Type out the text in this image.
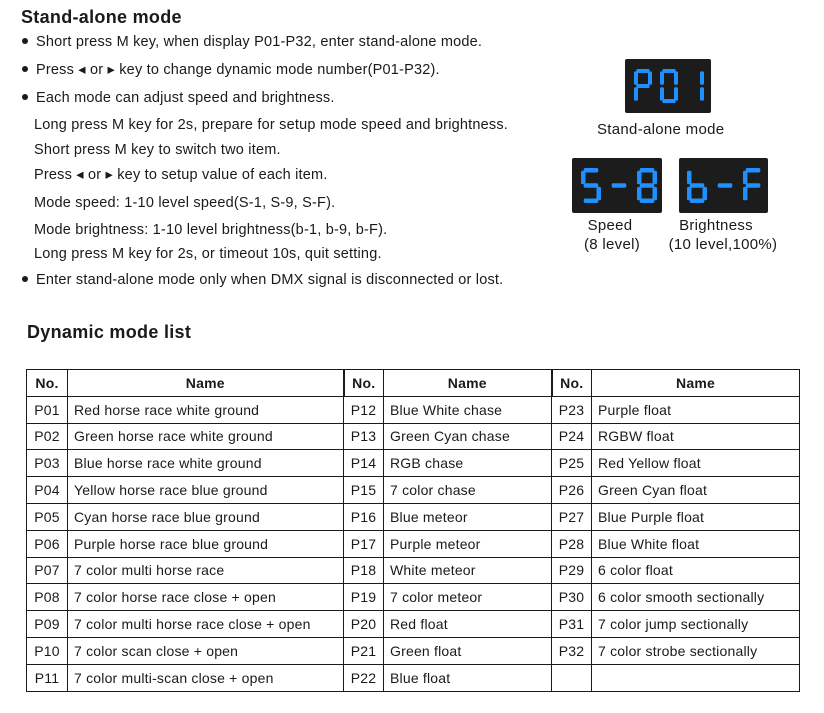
Stand-alone mode
Short press M key, when display P01-P32, enter stand-alone mode.
Press ◂ or ▸ key to change dynamic mode number(P01-P32).
Each mode can adjust speed and brightness.
Long press M key for 2s, prepare for setup mode speed and brightness.
Short press M key to switch two item.
Press ◂ or ▸ key to setup value of each item.
Mode speed: 1-10 level speed(S-1, S-9, S-F).
Mode brightness: 1-10 level brightness(b-1, b-9, b-F).
Long press M key for 2s, or timeout 10s, quit setting.
Enter stand-alone mode only when DMX signal is disconnected or lost.
Stand-alone mode
Speed
(8 level)
Brightness
(10 level,100%)
Dynamic mode list
No.	Name	No.	Name	No.	Name
P01	Red horse race white ground	P12	Blue White chase	P23	Purple float
P02	Green horse race white ground	P13	Green Cyan chase	P24	RGBW float
P03	Blue horse race white ground	P14	RGB chase	P25	Red Yellow float
P04	Yellow horse race blue ground	P15	7 color chase	P26	Green Cyan float
P05	Cyan horse race blue ground	P16	Blue meteor	P27	Blue Purple float
P06	Purple horse race blue ground	P17	Purple meteor	P28	Blue White float
P07	7 color multi horse race	P18	White meteor	P29	6 color float
P08	7 color horse race close + open	P19	7 color meteor	P30	6 color smooth sectionally
P09	7 color multi horse race close + open	P20	Red float	P31	7 color jump sectionally
P10	7 color scan close + open	P21	Green float	P32	7 color strobe sectionally
P11	7 color multi-scan close + open	P22	Blue float		
